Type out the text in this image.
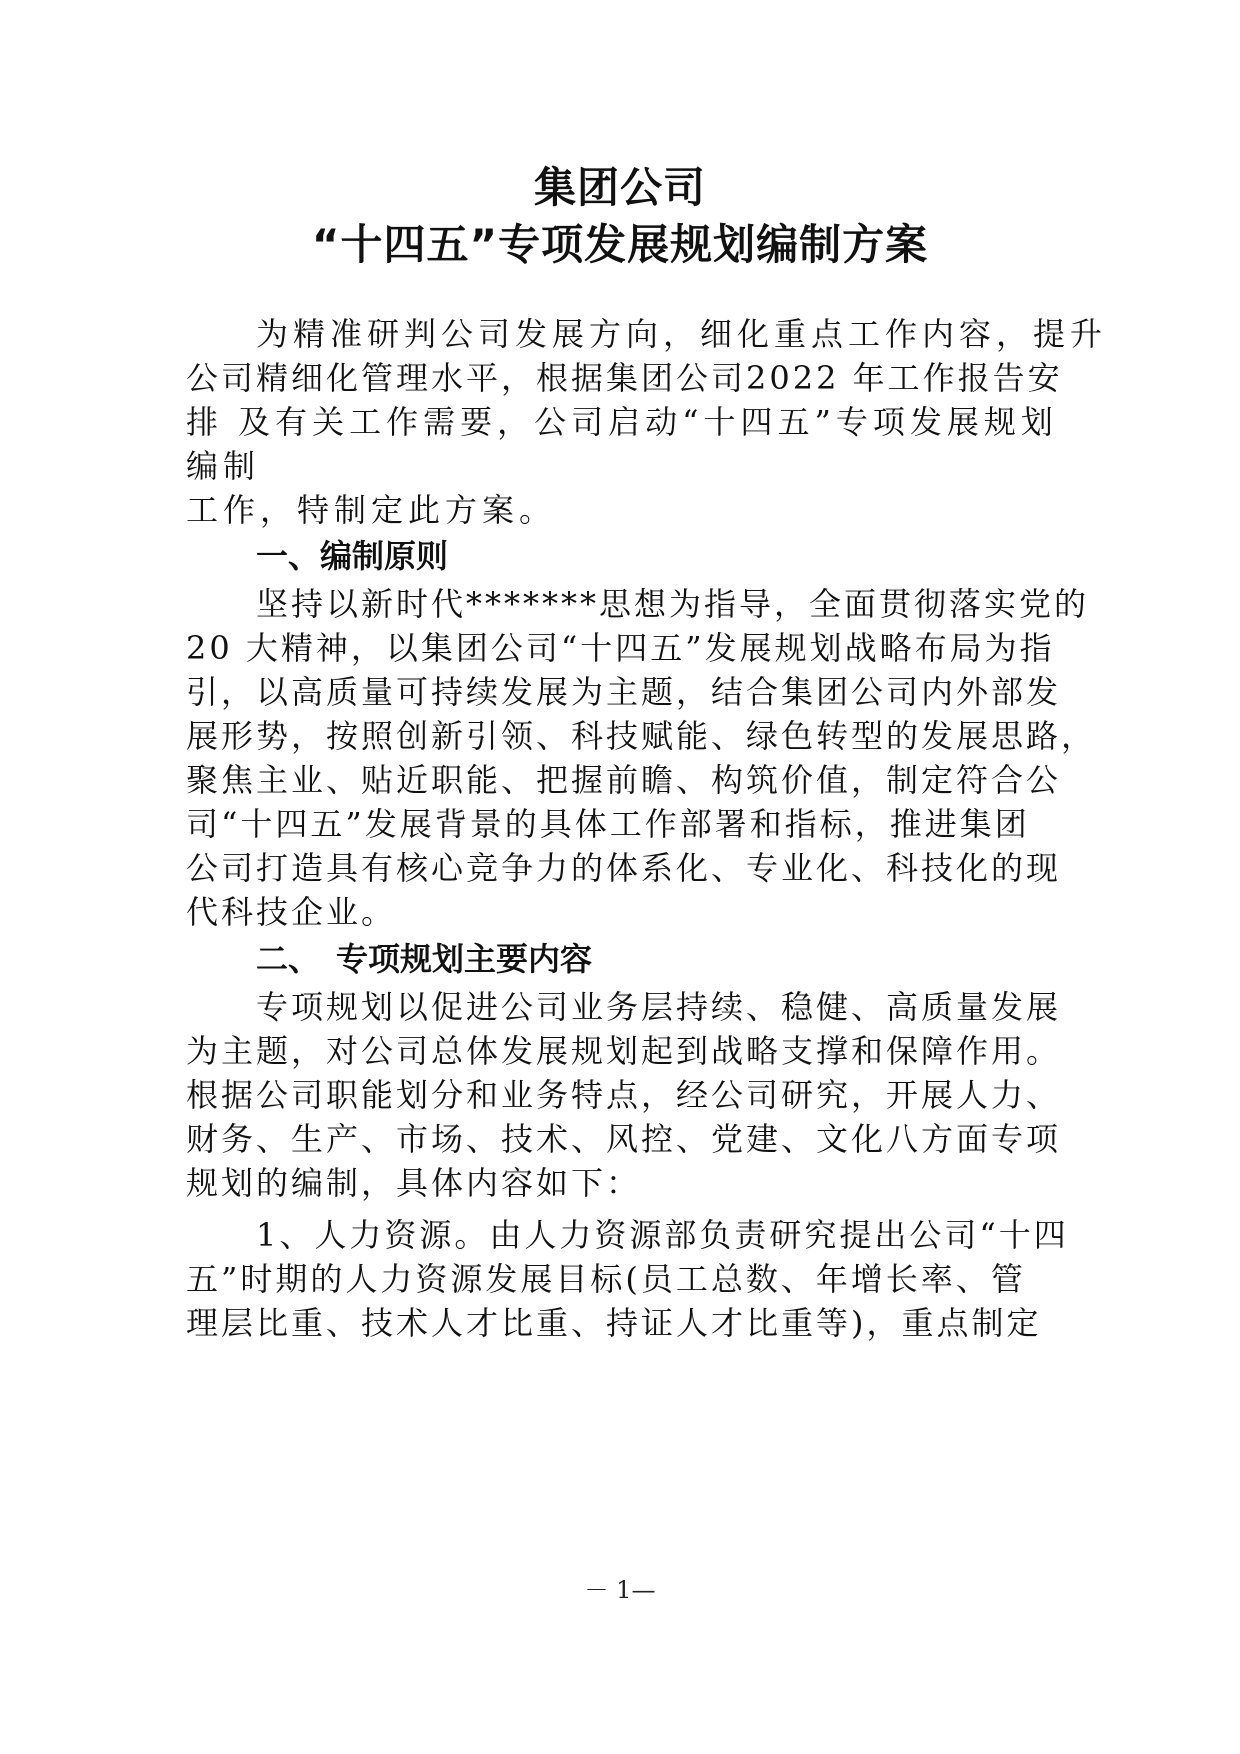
集团公司
“十四五”专项发展规划编制方案

为精准研判公司发展方向，细化重点工作内容，提升

公司精细化管理水平，根据集团公司2022 年工作报告安

排 及有关工作需要，公司启动“十四五”专项发展规划

编制

工作，特制定此方案。

一、编制原则

坚持以新时代*******思想为指导，全面贯彻落实党的

20 大精神，以集团公司“十四五”发展规划战略布局为指

引，以高质量可持续发展为主题，结合集团公司内外部发

展形势，按照创新引领、科技赋能、绿色转型的发展思路，

聚焦主业、贴近职能、把握前瞻、构筑价值，制定符合公

司“十四五”发展背景的具体工作部署和指标，推进集团

公司打造具有核心竞争力的体系化、专业化、科技化的现

代科技企业。

二、　专项规划主要内容

专项规划以促进公司业务层持续、稳健、高质量发展

为主题，对公司总体发展规划起到战略支撑和保障作用。

根据公司职能划分和业务特点，经公司研究，开展人力、

财务、生产、市场、技术、风控、党建、文化八方面专项

规划的编制，具体内容如下：

1、人力资源。由人力资源部负责研究提出公司“十四

五”时期的人力资源发展目标(员工总数、年增长率、管

理层比重、技术人才比重、持证人才比重等)，重点制定

－ 1—
